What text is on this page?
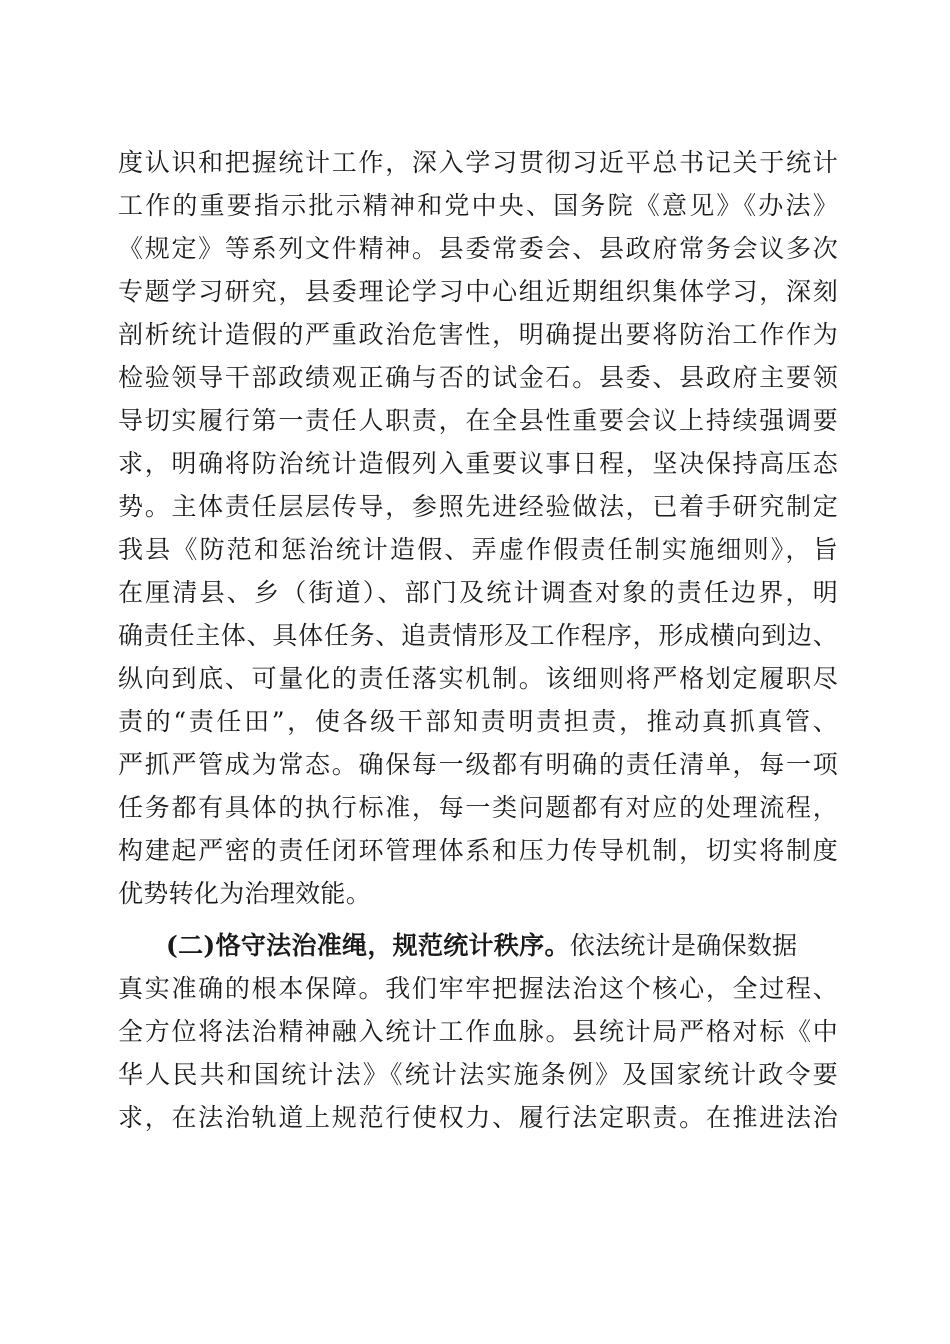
度认识和把握统计工作，深入学习贯彻习近平总书记关于统计
工作的重要指示批示精神和党中央、国务院《意见》《办法》
《规定》等系列文件精神。县委常委会、县政府常务会议多次
专题学习研究，县委理论学习中心组近期组织集体学习，深刻
剖析统计造假的严重政治危害性，明确提出要将防治工作作为
检验领导干部政绩观正确与否的试金石。县委、县政府主要领
导切实履行第一责任人职责，在全县性重要会议上持续强调要
求，明确将防治统计造假列入重要议事日程，坚决保持高压态
势。主体责任层层传导，参照先进经验做法，已着手研究制定
我县《防范和惩治统计造假、弄虚作假责任制实施细则》，旨
在厘清县、乡（街道）、部门及统计调查对象的责任边界，明
确责任主体、具体任务、追责情形及工作程序，形成横向到边、
纵向到底、可量化的责任落实机制。该细则将严格划定履职尽
责的“责任田”，使各级干部知责明责担责，推动真抓真管、
严抓严管成为常态。确保每一级都有明确的责任清单，每一项
任务都有具体的执行标准，每一类问题都有对应的处理流程，
构建起严密的责任闭环管理体系和压力传导机制，切实将制度
优势转化为治理效能。
(二)恪守法治准绳，规范统计秩序。依法统计是确保数据
真实准确的根本保障。我们牢牢把握法治这个核心，全过程、
全方位将法治精神融入统计工作血脉。县统计局严格对标《中
华人民共和国统计法》《统计法实施条例》及国家统计政令要
求，在法治轨道上规范行使权力、履行法定职责。在推进法治
